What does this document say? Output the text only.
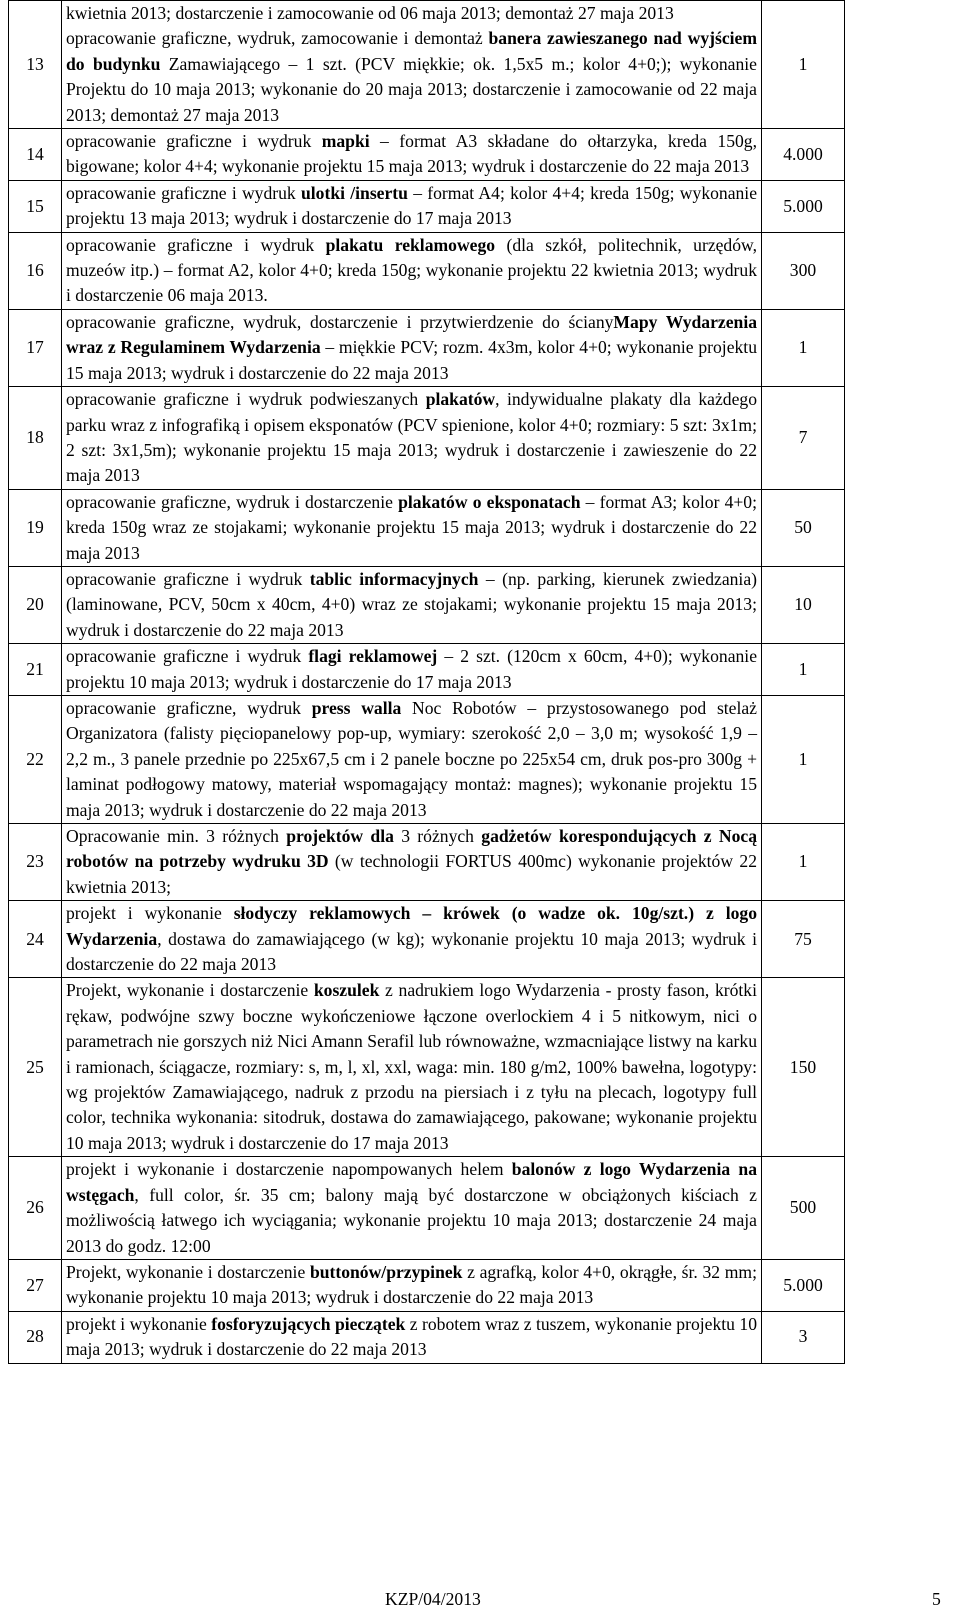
13	kwietnia 2013; dostarczenie i zamocowanie od 06 maja 2013; demontaż 27 maja 2013
opracowanie graficzne, wydruk, zamocowanie i demontaż banera zawieszanego nad wyjściem do budynku Zamawiającego – 1 szt. (PCV miękkie; ok. 1,5x5 m.; kolor 4+0;); wykonanie Projektu do 10 maja 2013; wykonanie do 20 maja 2013; dostarczenie i zamocowanie od 22 maja 2013; demontaż 27 maja 2013	1
14	opracowanie graficzne i wydruk mapki – format A3 składane do ołtarzyka, kreda 150g, bigowane; kolor 4+4; wykonanie projektu 15 maja 2013; wydruk i dostarczenie do 22 maja 2013	4.000
15	opracowanie graficzne i wydruk ulotki /insertu – format A4; kolor 4+4; kreda 150g; wykonanie projektu 13 maja 2013; wydruk i dostarczenie do 17 maja 2013	5.000
16	opracowanie graficzne i wydruk plakatu reklamowego (dla szkół, politechnik, urzędów, muzeów itp.) – format A2, kolor 4+0; kreda 150g; wykonanie projektu 22 kwietnia 2013; wydruk i dostarczenie 06 maja 2013.	300
17	opracowanie graficzne, wydruk, dostarczenie i przytwierdzenie do ścianyMapy Wydarzenia wraz z Regulaminem Wydarzenia – miękkie PCV; rozm. 4x3m, kolor 4+0; wykonanie projektu 15 maja 2013; wydruk i dostarczenie do 22 maja 2013	1
18	opracowanie graficzne i wydruk podwieszanych plakatów, indywidualne plakaty dla każdego parku wraz z infografiką i opisem eksponatów (PCV spienione, kolor 4+0; rozmiary: 5 szt: 3x1m; 2 szt: 3x1,5m); wykonanie projektu 15 maja 2013; wydruk i dostarczenie i zawieszenie do 22 maja 2013	7
19	opracowanie graficzne, wydruk i dostarczenie plakatów o eksponatach – format A3; kolor 4+0; kreda 150g wraz ze stojakami; wykonanie projektu 15 maja 2013; wydruk i dostarczenie do 22 maja 2013	50
20	opracowanie graficzne i wydruk tablic informacyjnych – (np. parking, kierunek zwiedzania) (laminowane, PCV, 50cm x 40cm, 4+0) wraz ze stojakami; wykonanie projektu 15 maja 2013; wydruk i dostarczenie do 22 maja 2013	10
21	opracowanie graficzne i wydruk flagi reklamowej – 2 szt. (120cm x 60cm, 4+0); wykonanie projektu 10 maja 2013; wydruk i dostarczenie do 17 maja 2013	1
22	opracowanie graficzne, wydruk press walla Noc Robotów – przystosowanego pod stelaż Organizatora (falisty pięciopanelowy pop-up, wymiary: szerokość 2,0 – 3,0 m; wysokość 1,9 – 2,2 m., 3 panele przednie po 225x67,5 cm i 2 panele boczne po 225x54 cm, druk pos-pro 300g + laminat podłogowy matowy, materiał wspomagający montaż: magnes); wykonanie projektu 15 maja 2013; wydruk i dostarczenie do 22 maja 2013	1
23	Opracowanie min. 3 różnych projektów dla 3 różnych gadżetów korespondujących z Nocą robotów na potrzeby wydruku 3D (w technologii FORTUS 400mc) wykonanie projektów 22 kwietnia 2013;	1
24	projekt i wykonanie słodyczy reklamowych – krówek (o wadze ok. 10g/szt.) z logo Wydarzenia, dostawa do zamawiającego (w kg); wykonanie projektu 10 maja 2013; wydruk i dostarczenie do 22 maja 2013	75
25	Projekt, wykonanie i dostarczenie koszulek z nadrukiem logo Wydarzenia - prosty fason, krótki rękaw, podwójne szwy boczne wykończeniowe łączone overlockiem 4 i 5 nitkowym, nici o parametrach nie gorszych niż Nici Amann Serafil lub równoważne, wzmacniające listwy na karku i ramionach, ściągacze, rozmiary: s, m, l, xl, xxl, waga: min. 180 g/m2, 100% bawełna, logotypy: wg projektów Zamawiającego, nadruk z przodu na piersiach i z tyłu na plecach, logotypy full color, technika wykonania: sitodruk, dostawa do zamawiającego, pakowane; wykonanie projektu 10 maja 2013; wydruk i dostarczenie do 17 maja 2013	150
26	projekt i wykonanie i dostarczenie napompowanych helem balonów z logo Wydarzenia na wstęgach, full color, śr. 35 cm; balony mają być dostarczone w obciążonych kiściach z możliwością łatwego ich wyciągania; wykonanie projektu 10 maja 2013; dostarczenie 24 maja 2013 do godz. 12:00	500
27	Projekt, wykonanie i dostarczenie buttonów/przypinek z agrafką, kolor 4+0, okrągłe, śr. 32 mm; wykonanie projektu 10 maja 2013; wydruk i dostarczenie do 22 maja 2013	5.000
28	projekt i wykonanie fosforyzujących pieczątek z robotem wraz z tuszem, wykonanie projektu 10 maja 2013; wydruk i dostarczenie do 22 maja 2013	3
KZP/04/2013	5
